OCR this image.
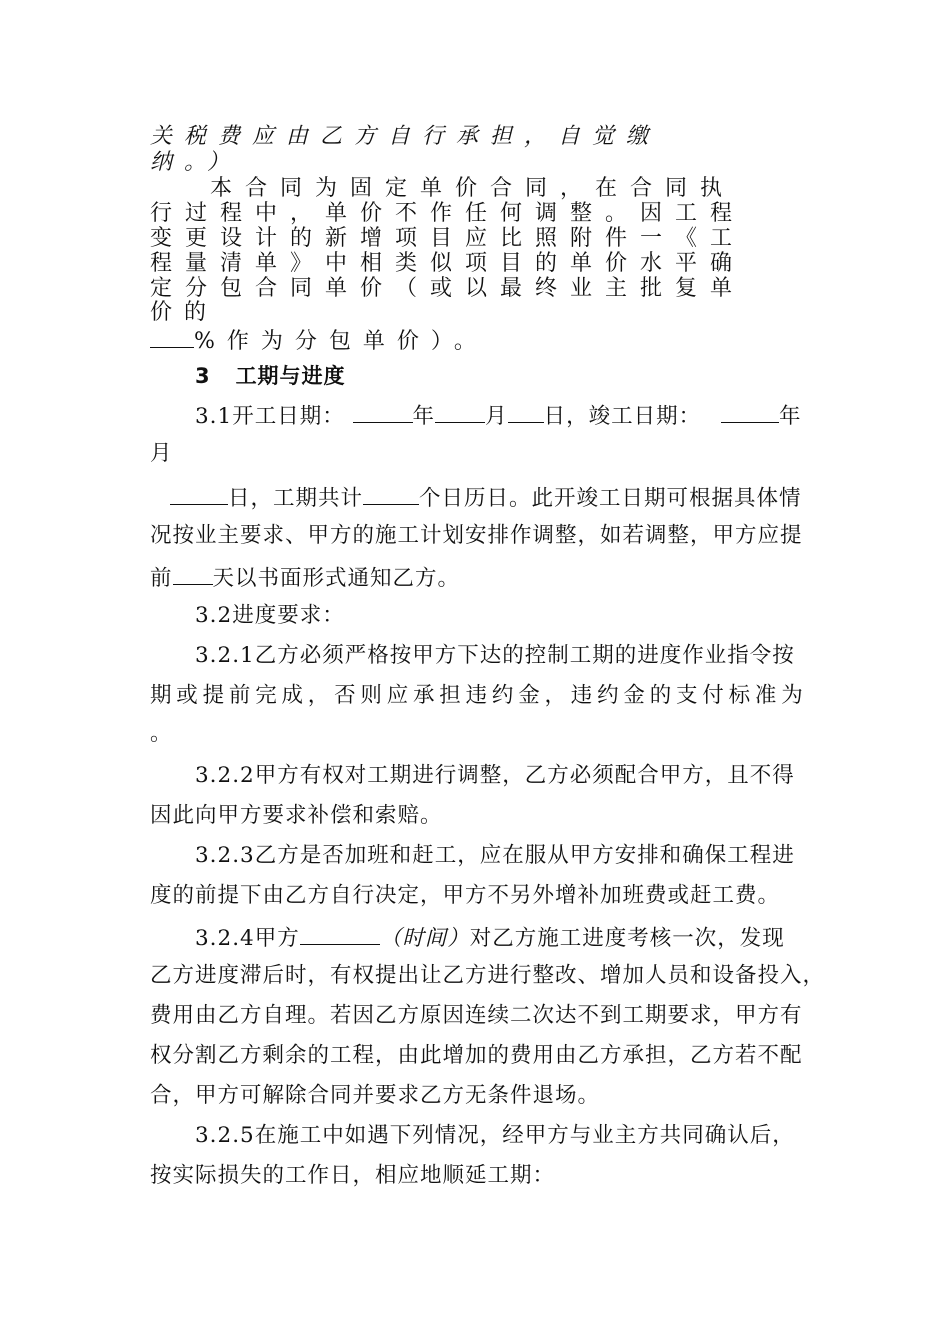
关税费应由乙方自行承担，自觉缴
纳。）
本合同为固定单价合同，在合同执
行过程中，单价不作任何调整。因工程
变更设计的新增项目应比照附件一《工
程量清单》中相类似项目的单价水平确
定分包合同单价（或以最终业主批复单
价的
%作为分包单价）。
3 工期与进度
3.1开工日期：	年 月 日，竣工日期：	年
月
日，工期共计	个日历日。此开竣工日期可根据具体情
况按业主要求、甲方的施工计划安排作调整，如若调整，甲方应提
前 天以书面形式通知乙方。
3.2进度要求：
3.2.1乙方必须严格按甲方下达的控制工期的进度作业指令按
期或提前完成，否则应承担违约金，违约金的支付标准为
。
3.2.2甲方有权对工期进行调整，乙方必须配合甲方，且不得
因此向甲方要求补偿和索赔。
3.2.3乙方是否加班和赶工，应在服从甲方安排和确保工程进
度的前提下由乙方自行决定，甲方不另外增补加班费或赶工费。
3.2.4甲方	（时间）对乙方施工进度考核一次，发现
乙方进度滞后时，有权提出让乙方进行整改、增加人员和设备投入，
费用由乙方自理。若因乙方原因连续二次达不到工期要求，甲方有
权分割乙方剩余的工程，由此增加的费用由乙方承担，乙方若不配
合，甲方可解除合同并要求乙方无条件退场。
3.2.5在施工中如遇下列情况，经甲方与业主方共同确认后，
按实际损失的工作日，相应地顺延工期：
